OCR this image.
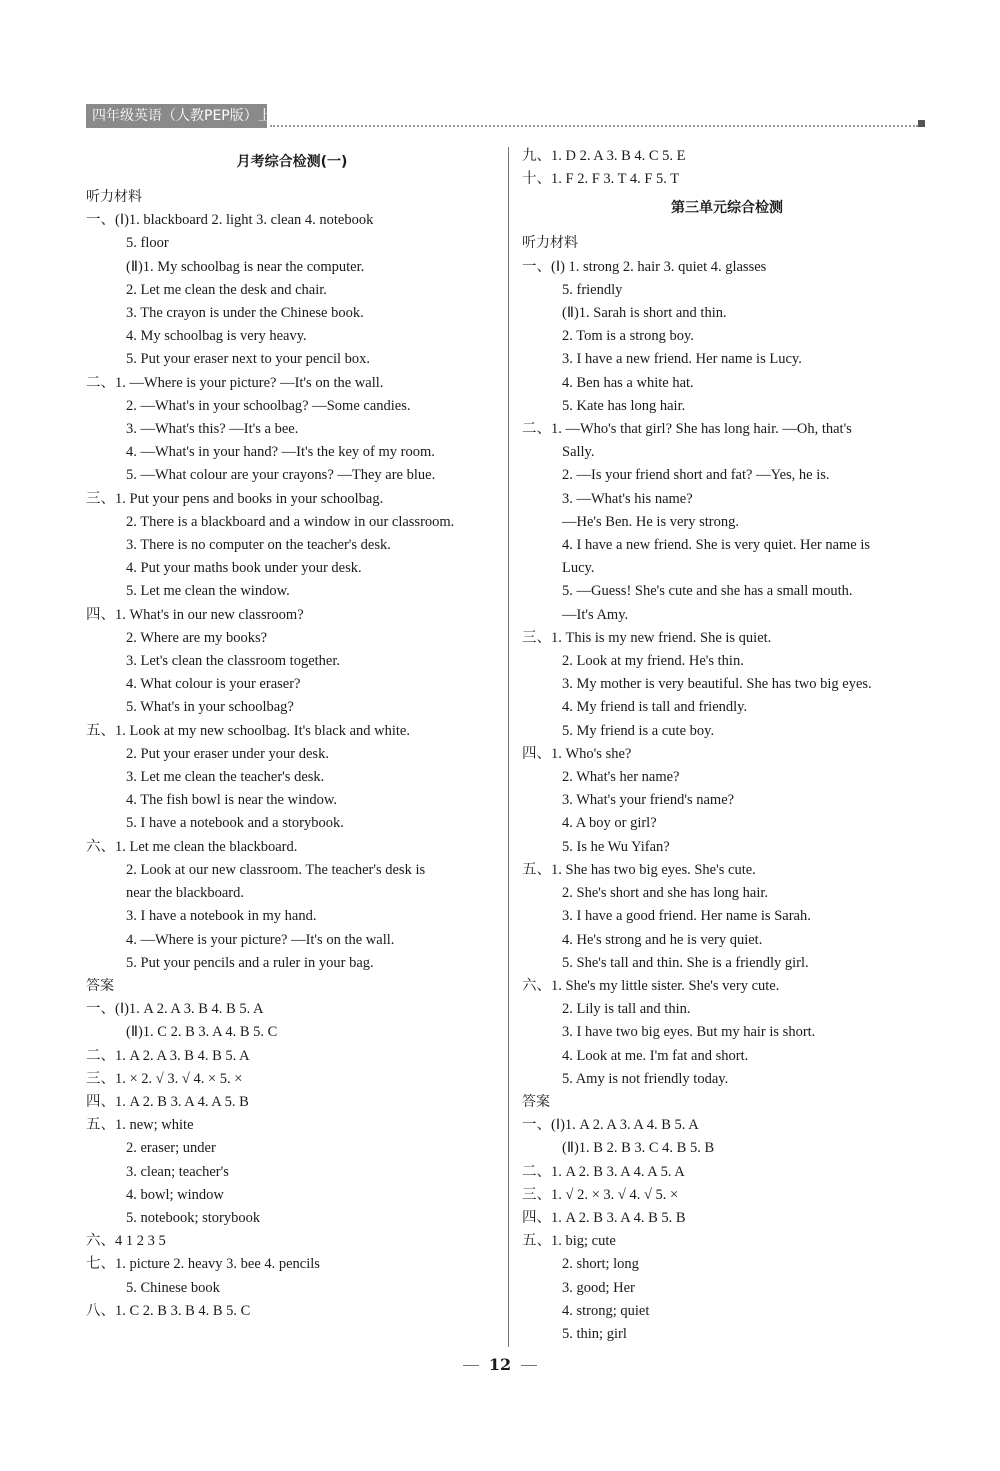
四年级英语（人教PEP版）上
月考综合检测(一)
听力材料
一、(Ⅰ)1. blackboard 2. light 3. clean 4. notebook
5. floor
(Ⅱ)1. My schoolbag is near the computer.
2. Let me clean the desk and chair.
3. The crayon is under the Chinese book.
4. My schoolbag is very heavy.
5. Put your eraser next to your pencil box.
二、1. —Where is your picture? —It's on the wall.
2. —What's in your schoolbag? —Some candies.
3. —What's this? —It's a bee.
4. —What's in your hand? —It's the key of my room.
5. —What colour are your crayons? —They are blue.
三、1. Put your pens and books in your schoolbag.
2. There is a blackboard and a window in our classroom.
3. There is no computer on the teacher's desk.
4. Put your maths book under your desk.
5. Let me clean the window.
四、1. What's in our new classroom?
2. Where are my books?
3. Let's clean the classroom together.
4. What colour is your eraser?
5. What's in your schoolbag?
五、1. Look at my new schoolbag. It's black and white.
2. Put your eraser under your desk.
3. Let me clean the teacher's desk.
4. The fish bowl is near the window.
5. I have a notebook and a storybook.
六、1. Let me clean the blackboard.
2. Look at our new classroom. The teacher's desk is
near the blackboard.
3. I have a notebook in my hand.
4. —Where is your picture? —It's on the wall.
5. Put your pencils and a ruler in your bag.
答案
一、(Ⅰ)1. A 2. A 3. B 4. B 5. A
(Ⅱ)1. C 2. B 3. A 4. B 5. C
二、1. A 2. A 3. B 4. B 5. A
三、1. × 2. √ 3. √ 4. × 5. ×
四、1. A 2. B 3. A 4. A 5. B
五、1. new; white
2. eraser; under
3. clean; teacher's
4. bowl; window
5. notebook; storybook
六、4 1 2 3 5
七、1. picture 2. heavy 3. bee 4. pencils
5. Chinese book
八、1. C 2. B 3. B 4. B 5. C
九、1. D 2. A 3. B 4. C 5. E
十、1. F 2. F 3. T 4. F 5. T
第三单元综合检测
听力材料
一、(Ⅰ) 1. strong 2. hair 3. quiet 4. glasses
5. friendly
(Ⅱ)1. Sarah is short and thin.
2. Tom is a strong boy.
3. I have a new friend. Her name is Lucy.
4. Ben has a white hat.
5. Kate has long hair.
二、1. —Who's that girl? She has long hair. —Oh, that's
Sally.
2. —Is your friend short and fat? —Yes, he is.
3. —What's his name?
—He's Ben. He is very strong.
4. I have a new friend. She is very quiet. Her name is
Lucy.
5. —Guess! She's cute and she has a small mouth.
—It's Amy.
三、1. This is my new friend. She is quiet.
2. Look at my friend. He's thin.
3. My mother is very beautiful. She has two big eyes.
4. My friend is tall and friendly.
5. My friend is a cute boy.
四、1. Who's she?
2. What's her name?
3. What's your friend's name?
4. A boy or girl?
5. Is he Wu Yifan?
五、1. She has two big eyes. She's cute.
2. She's short and she has long hair.
3. I have a good friend. Her name is Sarah.
4. He's strong and he is very quiet.
5. She's tall and thin. She is a friendly girl.
六、1. She's my little sister. She's very cute.
2. Lily is tall and thin.
3. I have two big eyes. But my hair is short.
4. Look at me. I'm fat and short.
5. Amy is not friendly today.
答案
一、(Ⅰ)1. A 2. A 3. A 4. B 5. A
(Ⅱ)1. B 2. B 3. C 4. B 5. B
二、1. A 2. B 3. A 4. A 5. A
三、1. √ 2. × 3. √ 4. √ 5. ×
四、1. A 2. B 3. A 4. B 5. B
五、1. big; cute
2. short; long
3. good; Her
4. strong; quiet
5. thin; girl
12
